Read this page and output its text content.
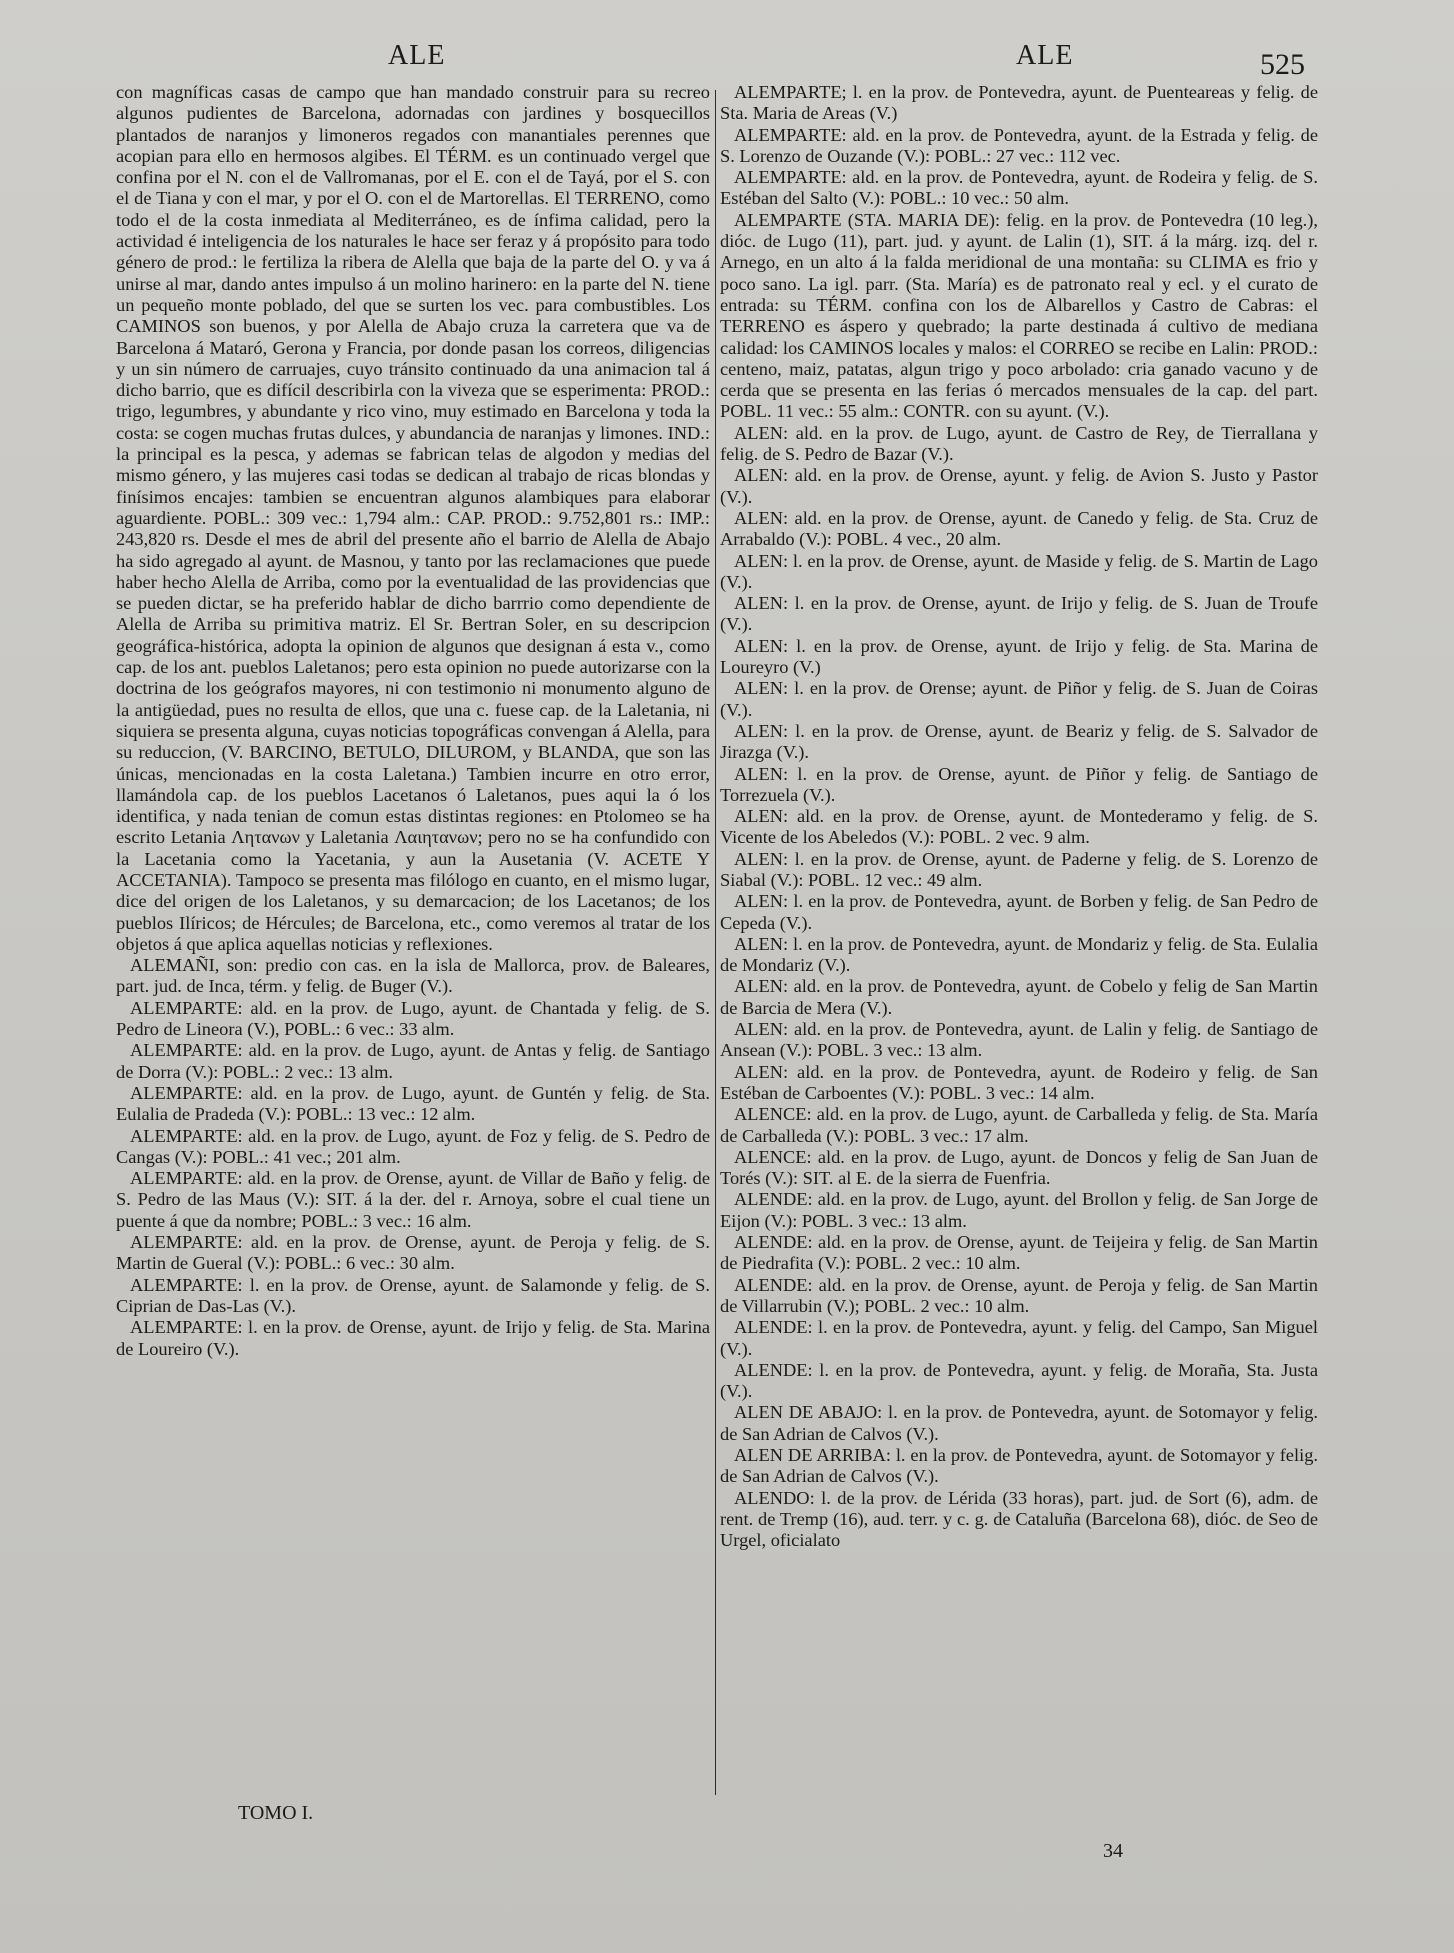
ALE	ALE	525

con magníficas casas de campo que han mandado construir para su recreo algunos pudientes de Barcelona, adornadas con jardines y bosquecillos plantados de naranjos y limoneros regados con manantiales perennes que acopian para ello en hermosos algibes. El TÉRM. es un continuado vergel que confina por el N. con el de Vallromanas, por el E. con el de Tayá, por el S. con el de Tiana y con el mar, y por el O. con el de Martorellas. El TERRENO, como todo el de la costa inmediata al Mediterráneo, es de ínfima calidad, pero la actividad é inteligencia de los naturales le hace ser feraz y á propósito para todo género de prod.: le fertiliza la ribera de Alella que baja de la parte del O. y va á unirse al mar, dando antes impulso á un molino harinero: en la parte del N. tiene un pequeño monte poblado, del que se surten los vec. para combustibles. Los CAMINOS son buenos, y por Alella de Abajo cruza la carretera que va de Barcelona á Mataró, Gerona y Francia, por donde pasan los correos, diligencias y un sin número de carruajes, cuyo tránsito continuado da una animacion tal á dicho barrio, que es difícil describirla con la viveza que se esperimenta: PROD.: trigo, legumbres, y abundante y rico vino, muy estimado en Barcelona y toda la costa: se cogen muchas frutas dulces, y abundancia de naranjas y limones. IND.: la principal es la pesca, y ademas se fabrican telas de algodon y medias del mismo género, y las mujeres casi todas se dedican al trabajo de ricas blondas y finísimos encajes: tambien se encuentran algunos alambiques para elaborar aguardiente. POBL.: 309 vec.: 1,794 alm.: CAP. PROD.: 9.752,801 rs.: IMP.: 243,820 rs. Desde el mes de abril del presente año el barrio de Alella de Abajo ha sido agregado al ayunt. de Masnou, y tanto por las reclamaciones que puede haber hecho Alella de Arriba, como por la eventualidad de las providencias que se pueden dictar, se ha preferido hablar de dicho barrrio como dependiente de Alella de Arriba su primitiva matriz. El Sr. Bertran Soler, en su descripcion geográfica-histórica, adopta la opinion de algunos que designan á esta v., como cap. de los ant. pueblos Laletanos; pero esta opinion no puede autorizarse con la doctrina de los geógrafos mayores, ni con testimonio ni monumento alguno de la antigüedad, pues no resulta de ellos, que una c. fuese cap. de la Laletania, ni siquiera se presenta alguna, cuyas noticias topográficas convengan á Alella, para su reduccion, (V. BARCINO, BETULO, DILUROM, y BLANDA, que son las únicas, mencionadas en la costa Laletana.) Tambien incurre en otro error, llamándola cap. de los pueblos Lacetanos ó Laletanos, pues aqui la ó los identifica, y nada tenian de comun estas distintas regiones: en Ptolomeo se ha escrito Letania Λητανων y Laletania Λαιητανων; pero no se ha confundido con la Lacetania como la Yacetania, y aun la Ausetania (V. ACETE Y ACCETANIA). Tampoco se presenta mas filólogo en cuanto, en el mismo lugar, dice del origen de los Laletanos, y su demarcacion; de los Lacetanos; de los pueblos Ilíricos; de Hércules; de Barcelona, etc., como veremos al tratar de los objetos á que aplica aquellas noticias y reflexiones.

ALEMAÑI, son: predio con cas. en la isla de Mallorca, prov. de Baleares, part. jud. de Inca, térm. y felig. de Buger (V.).

ALEMPARTE: ald. en la prov. de Lugo, ayunt. de Chantada y felig. de S. Pedro de Lineora (V.), POBL.: 6 vec.: 33 alm.

ALEMPARTE: ald. en la prov. de Lugo, ayunt. de Antas y felig. de Santiago de Dorra (V.): POBL.: 2 vec.: 13 alm.

ALEMPARTE: ald. en la prov. de Lugo, ayunt. de Guntén y felig. de Sta. Eulalia de Pradeda (V.): POBL.: 13 vec.: 12 alm.

ALEMPARTE: ald. en la prov. de Lugo, ayunt. de Foz y felig. de S. Pedro de Cangas (V.): POBL.: 41 vec.; 201 alm.

ALEMPARTE: ald. en la prov. de Orense, ayunt. de Villar de Baño y felig. de S. Pedro de las Maus (V.): SIT. á la der. del r. Arnoya, sobre el cual tiene un puente á que da nombre; POBL.: 3 vec.: 16 alm.

ALEMPARTE: ald. en la prov. de Orense, ayunt. de Peroja y felig. de S. Martin de Gueral (V.): POBL.: 6 vec.: 30 alm.

ALEMPARTE: l. en la prov. de Orense, ayunt. de Salamonde y felig. de S. Ciprian de Das-Las (V.).

ALEMPARTE: l. en la prov. de Orense, ayunt. de Irijo y felig. de Sta. Marina de Loureiro (V.).

ALEMPARTE; l. en la prov. de Pontevedra, ayunt. de Puenteareas y felig. de Sta. Maria de Areas (V.)

ALEMPARTE: ald. en la prov. de Pontevedra, ayunt. de la Estrada y felig. de S. Lorenzo de Ouzande (V.): POBL.: 27 vec.: 112 vec.

ALEMPARTE: ald. en la prov. de Pontevedra, ayunt. de Rodeira y felig. de S. Estéban del Salto (V.): POBL.: 10 vec.: 50 alm.

ALEMPARTE (STA. MARIA DE): felig. en la prov. de Pontevedra (10 leg.), dióc. de Lugo (11), part. jud. y ayunt. de Lalin (1), SIT. á la márg. izq. del r. Arnego, en un alto á la falda meridional de una montaña: su CLIMA es frio y poco sano. La igl. parr. (Sta. María) es de patronato real y ecl. y el curato de entrada: su TÉRM. confina con los de Albarellos y Castro de Cabras: el TERRENO es áspero y quebrado; la parte destinada á cultivo de mediana calidad: los CAMINOS locales y malos: el CORREO se recibe en Lalin: PROD.: centeno, maiz, patatas, algun trigo y poco arbolado: cria ganado vacuno y de cerda que se presenta en las ferias ó mercados mensuales de la cap. del part. POBL. 11 vec.: 55 alm.: CONTR. con su ayunt. (V.).

ALEN: ald. en la prov. de Lugo, ayunt. de Castro de Rey, de Tierrallana y felig. de S. Pedro de Bazar (V.).

ALEN: ald. en la prov. de Orense, ayunt. y felig. de Avion S. Justo y Pastor (V.).

ALEN: ald. en la prov. de Orense, ayunt. de Canedo y felig. de Sta. Cruz de Arrabaldo (V.): POBL. 4 vec., 20 alm.

ALEN: l. en la prov. de Orense, ayunt. de Maside y felig. de S. Martin de Lago (V.).

ALEN: l. en la prov. de Orense, ayunt. de Irijo y felig. de S. Juan de Troufe (V.).

ALEN: l. en la prov. de Orense, ayunt. de Irijo y felig. de Sta. Marina de Loureyro (V.)

ALEN: l. en la prov. de Orense; ayunt. de Piñor y felig. de S. Juan de Coiras (V.).

ALEN: l. en la prov. de Orense, ayunt. de Beariz y felig. de S. Salvador de Jirazga (V.).

ALEN: l. en la prov. de Orense, ayunt. de Piñor y felig. de Santiago de Torrezuela (V.).

ALEN: ald. en la prov. de Orense, ayunt. de Montederamo y felig. de S. Vicente de los Abeledos (V.): POBL. 2 vec. 9 alm.

ALEN: l. en la prov. de Orense, ayunt. de Paderne y felig. de S. Lorenzo de Siabal (V.): POBL. 12 vec.: 49 alm.

ALEN: l. en la prov. de Pontevedra, ayunt. de Borben y felig. de San Pedro de Cepeda (V.).

ALEN: l. en la prov. de Pontevedra, ayunt. de Mondariz y felig. de Sta. Eulalia de Mondariz (V.).

ALEN: ald. en la prov. de Pontevedra, ayunt. de Cobelo y felig de San Martin de Barcia de Mera (V.).

ALEN: ald. en la prov. de Pontevedra, ayunt. de Lalin y felig. de Santiago de Ansean (V.): POBL. 3 vec.: 13 alm.

ALEN: ald. en la prov. de Pontevedra, ayunt. de Rodeiro y felig. de San Estéban de Carboentes (V.): POBL. 3 vec.: 14 alm.

ALENCE: ald. en la prov. de Lugo, ayunt. de Carballeda y felig. de Sta. María de Carballeda (V.): POBL. 3 vec.: 17 alm.

ALENCE: ald. en la prov. de Lugo, ayunt. de Doncos y felig de San Juan de Torés (V.): SIT. al E. de la sierra de Fuenfria.

ALENDE: ald. en la prov. de Lugo, ayunt. del Brollon y felig. de San Jorge de Eijon (V.): POBL. 3 vec.: 13 alm.

ALENDE: ald. en la prov. de Orense, ayunt. de Teijeira y felig. de San Martin de Piedrafita (V.): POBL. 2 vec.: 10 alm.

ALENDE: ald. en la prov. de Orense, ayunt. de Peroja y felig. de San Martin de Villarrubin (V.); POBL. 2 vec.: 10 alm.

ALENDE: l. en la prov. de Pontevedra, ayunt. y felig. del Campo, San Miguel (V.).

ALENDE: l. en la prov. de Pontevedra, ayunt. y felig. de Moraña, Sta. Justa (V.).

ALEN DE ABAJO: l. en la prov. de Pontevedra, ayunt. de Sotomayor y felig. de San Adrian de Calvos (V.).

ALEN DE ARRIBA: l. en la prov. de Pontevedra, ayunt. de Sotomayor y felig. de San Adrian de Calvos (V.).

ALENDO: l. de la prov. de Lérida (33 horas), part. jud. de Sort (6), adm. de rent. de Tremp (16), aud. terr. y c. g. de Cataluña (Barcelona 68), dióc. de Seo de Urgel, oficialato

TOMO I.
34
